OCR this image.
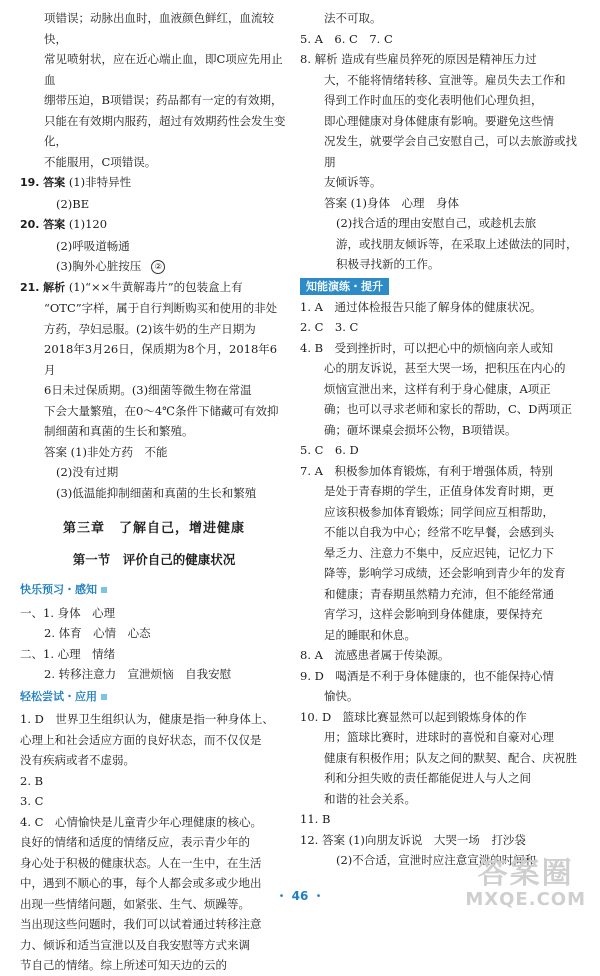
项错误；动脉出血时，血液颜色鲜红，血流较快，
常见喷射状，应在近心端止血，即C项应先用止血
绷带压迫，B项错误；药品都有一定的有效期，
只能在有效期内服药，超过有效期药性会发生变化，
不能服用，C项错误。
19. 答案 (1)非特异性
(2)BE
20. 答案 (1)120
(2)呼吸道畅通
(3)胸外心脏按压 ②
21. 解析 (1)“××牛黄解毒片”的包装盒上有
“OTC”字样，属于自行判断购买和使用的非处
方药，孕妇忌服。(2)该牛奶的生产日期为
2018年3月26日，保质期为8个月，2018年6月
6日未过保质期。(3)细菌等微生物在常温
下会大量繁殖，在0～4℃条件下储藏可有效抑
制细菌和真菌的生长和繁殖。
答案 (1)非处方药　不能
(2)没有过期
(3)低温能抑制细菌和真菌的生长和繁殖
第三章　了解自己，增进健康
第一节　评价自己的健康状况
快乐预习・感知
一、1. 身体　心理
2. 体育　心情　心态
二、1. 心理　情绪
2. 转移注意力　宣泄烦恼　自我安慰
轻松尝试・应用
1. D　世界卫生组织认为，健康是指一种身体上、
心理上和社会适应方面的良好状态，而不仅仅是
没有疾病或者不虚弱。
2. B
3. C
4. C　心情愉快是儿童青少年心理健康的核心。
良好的情绪和适度的情绪反应，表示青少年的
身心处于积极的健康状态。人在一生中，在生活
中，遇到不顺心的事，每个人都会或多或少地出
出现一些情绪问题，如紧张、生气、烦躁等。
当出现这些问题时，我们可以试着通过转移注意
力、倾诉和适当宣泄以及自我安慰等方式来调
节自己的情绪。综上所述可知天边的云的
法不可取。
5. A　6. C　7. C
8. 解析 造成有些雇员猝死的原因是精神压力过
大，不能将情绪转移、宣泄等。雇员失去工作和
得到工作时血压的变化表明他们心理负担，
即心理健康对身体健康有影响。要避免这些情
况发生，就要学会自己安慰自己，可以去旅游或找朋
友倾诉等。
答案 (1)身体　心理　身体
(2)找合适的理由安慰自己，或趁机去旅
游，或找朋友倾诉等，在采取上述做法的同时，
积极寻找新的工作。
知能演练・提升
1. A　通过体检报告只能了解身体的健康状况。
2. C　3. C
4. B　受到挫折时，可以把心中的烦恼向亲人或知
心的朋友诉说，甚至大哭一场，把积压在内心的
烦恼宣泄出来，这样有利于身心健康，A项正
确；也可以寻求老师和家长的帮助，C、D两项正
确；砸坏课桌会损坏公物，B项错误。
5. C　6. D
7. A　积极参加体育锻炼，有利于增强体质，特别
是处于青春期的学生，正值身体发育时期，更
应该积极参加体育锻炼；同学间应互相帮助，
不能以自我为中心；经常不吃早餐，会感到头
晕乏力、注意力不集中，反应迟钝，记忆力下
降等，影响学习成绩，还会影响到青少年的发育
和健康；青春期虽然精力充沛，但不能经常通
宵学习，这样会影响到身体健康，要保持充
足的睡眠和休息。
8. A　流感患者属于传染源。
9. D　喝酒是不利于身体健康的，也不能保持心情
愉快。
10. D　篮球比赛显然可以起到锻炼身体的作
用；篮球比赛时，进球时的喜悦和自豪对心理
健康有积极作用；队友之间的默契、配合、庆祝胜
利和分担失败的责任都能促进人与人之间
和谐的社会关系。
11. B
12. 答案 (1)向朋友诉说　大哭一场　打沙袋
(2)不合适，宣泄时应注意宣泄的时间和
・ 46 ・
答案圈
MXQE.COM
